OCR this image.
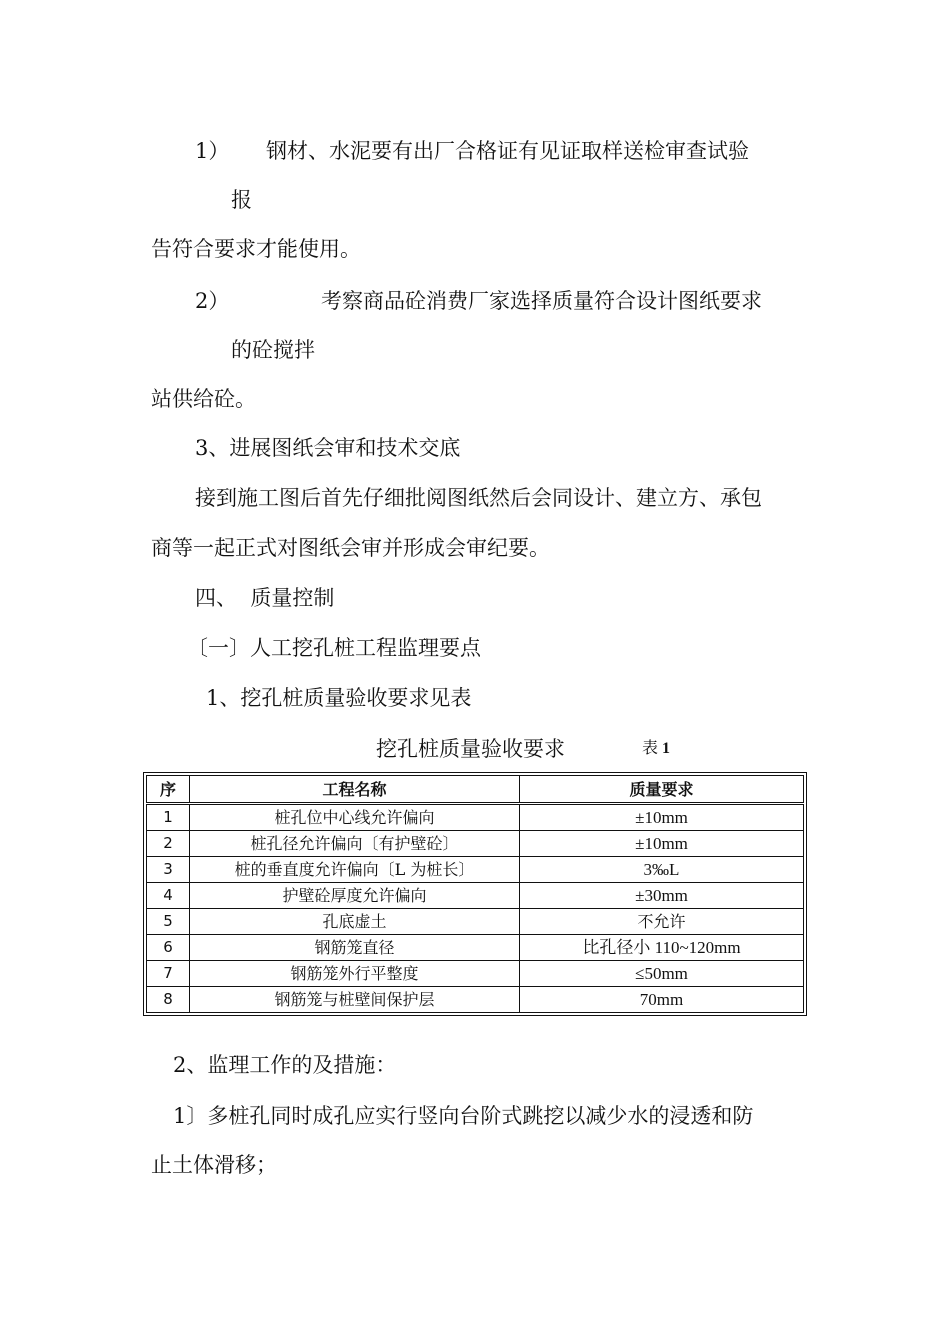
1） 钢材、水泥要有出厂合格证有见证取样送检审查试验
报
告符合要求才能使用。
2）	考察商品砼消费厂家选择质量符合设计图纸要求
的砼搅拌
站供给砼。
3、进展图纸会审和技术交底
接到施工图后首先仔细批阅图纸然后会同设计、建立方、承包
商等一起正式对图纸会审并形成会审纪要。
四、  质量控制
〔一〕人工挖孔桩工程监理要点
1、挖孔桩质量验收要求见表
挖孔桩质量验收要求	表 1
序	工程名称	质量要求
1	桩孔位中心线允许偏向	±10mm
2	桩孔径允许偏向〔有护壁砼〕	±10mm
3	桩的垂直度允许偏向〔L 为桩长〕	3‰L
4	护壁砼厚度允许偏向	±30mm
5	孔底虚土	不允许
6	钢筋笼直径	比孔径小 110~120mm
7	钢筋笼外行平整度	≤50mm
8	钢筋笼与桩壁间保护层	70mm
2、监理工作的及措施：
1〕多桩孔同时成孔应实行竖向台阶式跳挖以减少水的浸透和防
止土体滑移；
